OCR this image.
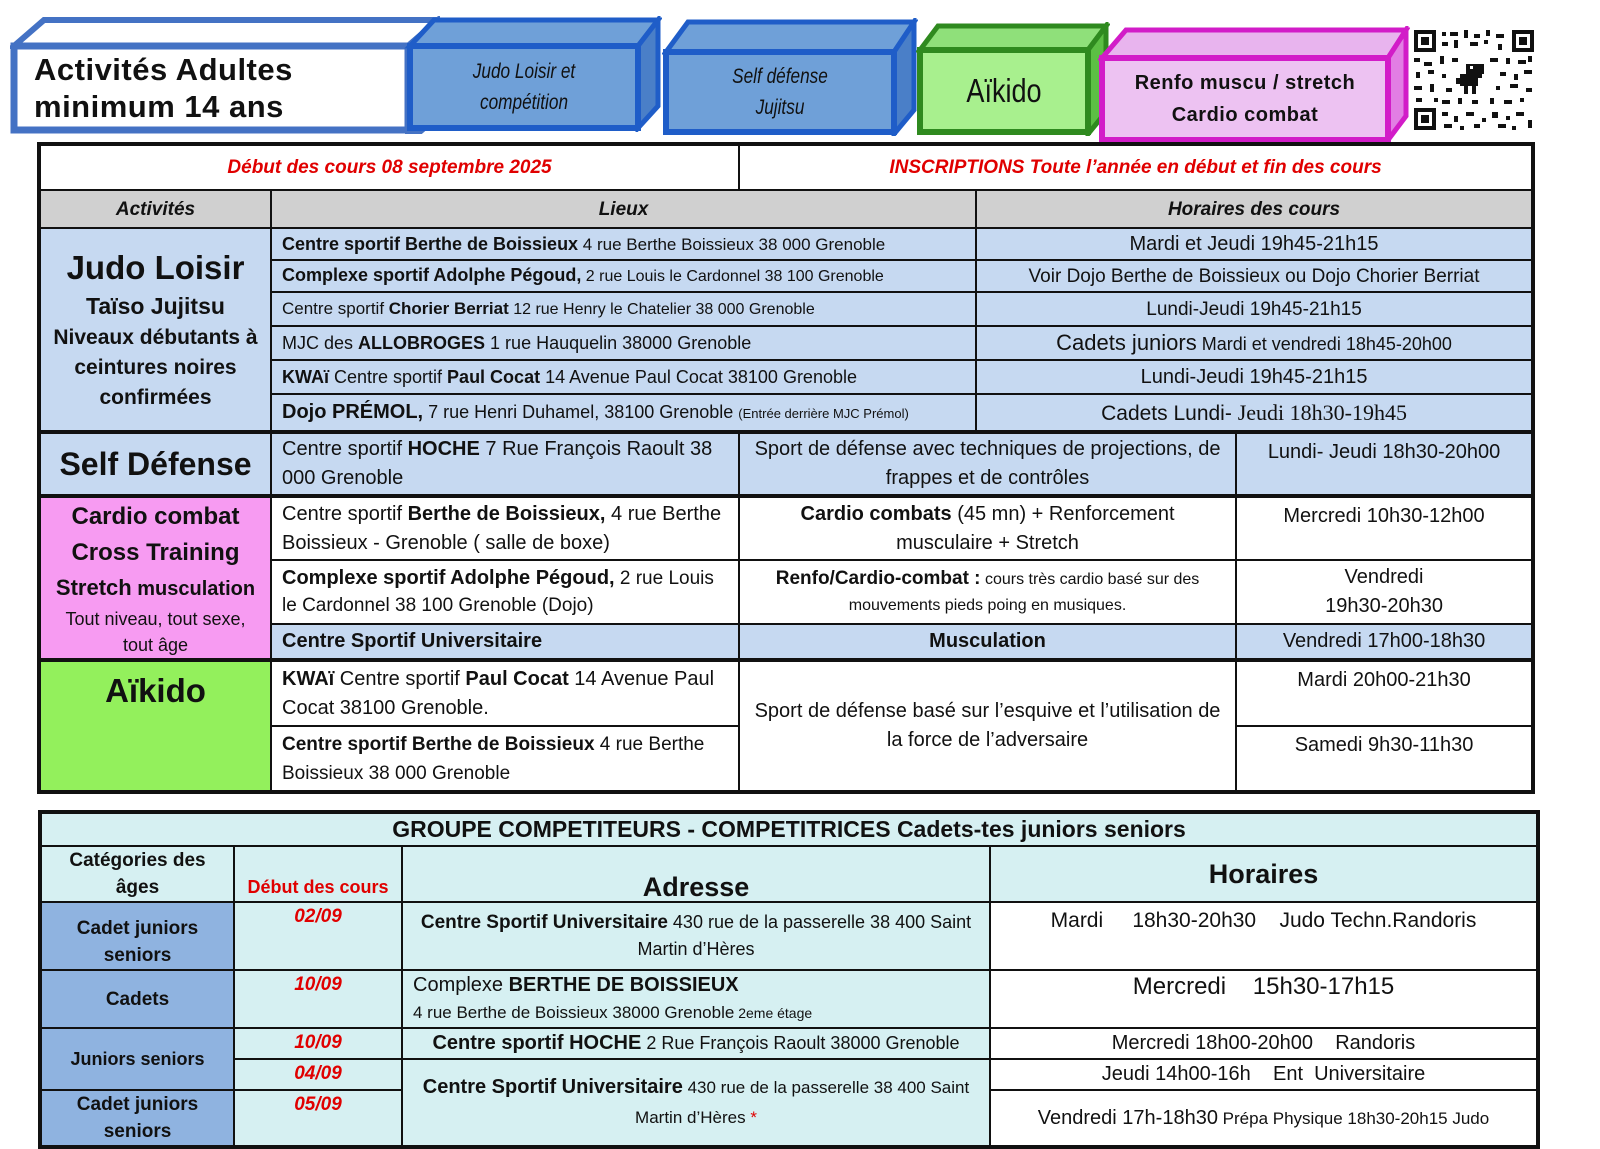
Activités Adultes
minimum 14 ans
Judo Loisir et
compétition
Self défense
Jujitsu	Aïkido	Renfo muscu / stretch
Cardio combat
Début des cours 08 septembre 2025		INSCRIPTIONS Toute l’année en début et fin des cours		
Activités	Lieux		Horaires des cours	

Judo Loisir
Taïso Jujitsu
Niveaux débutants à ceintures noires confirmées	Centre sportif Berthe de Boissieux 4 rue Berthe Boissieux 38 000 Grenoble		Mardi et Jeudi 19h45-21h15	
	Complexe sportif Adolphe Pégoud, 2 rue Louis le Cardonnel 38 100 Grenoble		Voir Dojo Berthe de Boissieux ou Dojo Chorier Berriat	
	Centre sportif Chorier Berriat 12 rue Henry le Chatelier 38 000 Grenoble		Lundi-Jeudi 19h45-21h15	
	MJC des ALLOBROGES 1 rue Hauquelin 38000 Grenoble		Cadets juniors Mardi et vendredi 18h45-20h00	
	KWAï Centre sportif Paul Cocat 14 Avenue Paul Cocat 38100 Grenoble		Lundi-Jeudi 19h45-21h15	
	Dojo PRÉMOL, 7 rue Henri Duhamel, 38100 Grenoble (Entrée derrière MJC Prémol)		Cadets Lundi- Jeudi 18h30-19h45	
Self Défense	Centre sportif HOCHE 7 Rue François Raoult 38 000 Grenoble	Sport de défense avec techniques de projections, de frappes et de contrôles		Lundi- Jeudi 18h30-20h00

Cardio combat
Cross Training
Stretch musculation
Tout niveau, tout sexe, tout âge	Centre sportif Berthe de Boissieux, 4 rue Berthe Boissieux - Grenoble ( salle de boxe)	Cardio combats (45 mn) + Renforcement musculaire + Stretch		Mercredi 10h30-12h00
	Complexe sportif Adolphe Pégoud, 2 rue Louis le Cardonnel 38 100 Grenoble (Dojo)	Renfo/Cardio-combat : cours très cardio basé sur des mouvements pieds poing en musiques.		Vendredi
19h30-20h30

	Centre Sportif Universitaire	Musculation		Vendredi 17h00-18h30

Aïkido	KWAï Centre sportif Paul Cocat 14 Avenue Paul Cocat 38100 Grenoble.	Sport de défense basé sur l’esquive et l’utilisation de la force de l’adversaire		Mardi 20h00-21h30
	Centre sportif Berthe de Boissieux 4 rue Berthe Boissieux 38 000 Grenoble			Samedi 9h30-11h30
GROUPE COMPETITEURS - COMPETITRICES Cadets-tes juniors seniors			
Catégories des âges	Début des cours	Adresse	Horaires
Cadet juniors seniors	02/09	Centre Sportif Universitaire 430 rue de la passerelle 38 400 Saint Martin d’Hères	Mardi     18h30-20h30    Judo Techn.Randoris
Cadets	10/09	Complexe BERTHE DE BOISSIEUX
4 rue Berthe de Boissieux 38000 Grenoble 2eme étage	Mercredi    15h30-17h15
Juniors seniors	10/09	Centre sportif HOCHE 2 Rue François Raoult 38000 Grenoble	Mercredi 18h00-20h00    Randoris
	04/09	Centre Sportif Universitaire 430 rue de la passerelle 38 400 Saint Martin d’Hères *	Jeudi 14h00-16h    Ent  Universitaire
Cadet juniors seniors	05/09		Vendredi 17h-18h30 Prépa Physique 18h30-20h15 Judo
